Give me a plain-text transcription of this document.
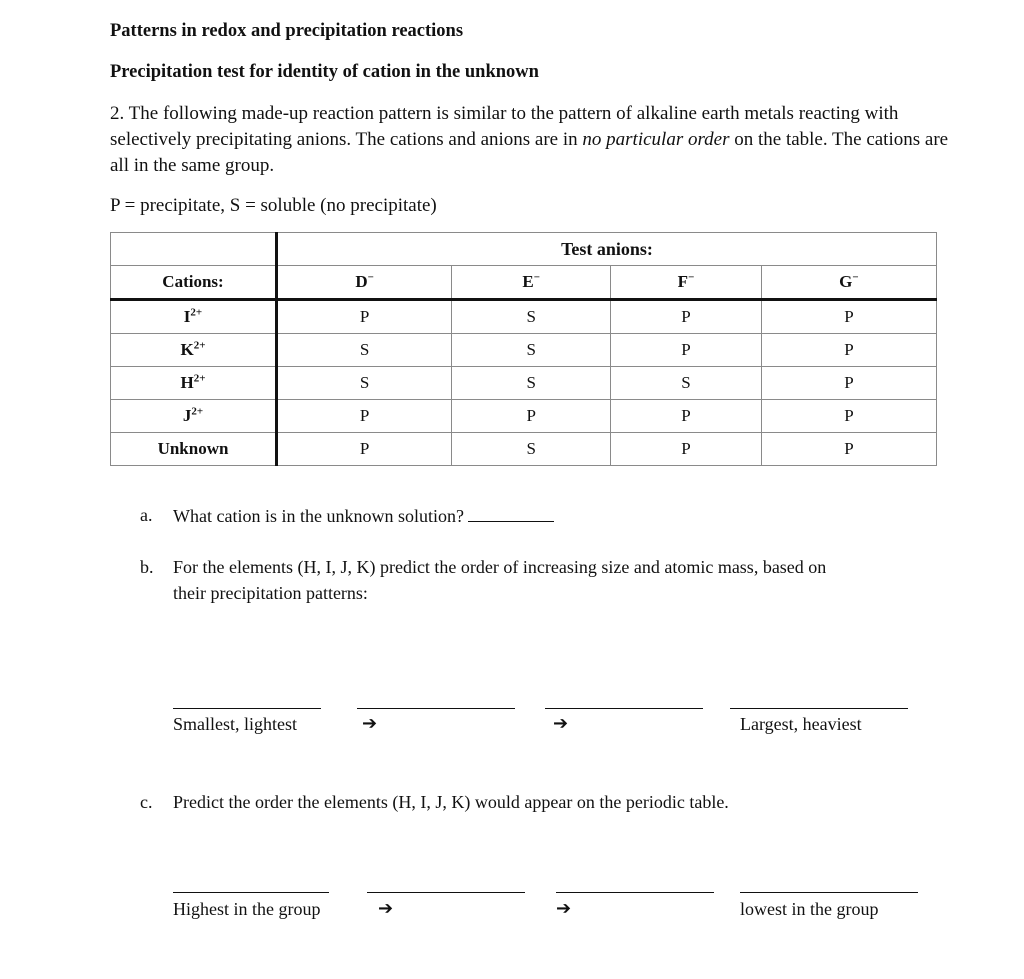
Patterns in redox and precipitation reactions
Precipitation test for identity of cation in the unknown
2. The following made-up reaction pattern is similar to the pattern of alkaline earth metals reacting with selectively precipitating anions. The cations and anions are in no particular order on the table. The cations are all in the same group.
P = precipitate, S = soluble (no precipitate)
	Test anions:			
Cations:	D−	E−	F−	G−
$I^{2+}$	P	S	P	P
$K^{2+}$	S	S	P	P
$H^{2+}$	S	S	S	P
$J^{2+}$	P	P	P	P
Unknown	P	S	P	P
a. What cation is in the unknown solution?
b. For the elements (H, I, J, K) predict the order of increasing size and atomic mass, based on
their precipitation patterns:
Smallest, lightest	➔	➔	Largest, heaviest
c. Predict the order the elements (H, I, J, K) would appear on the periodic table.
Highest in the group	➔	➔	lowest in the group
